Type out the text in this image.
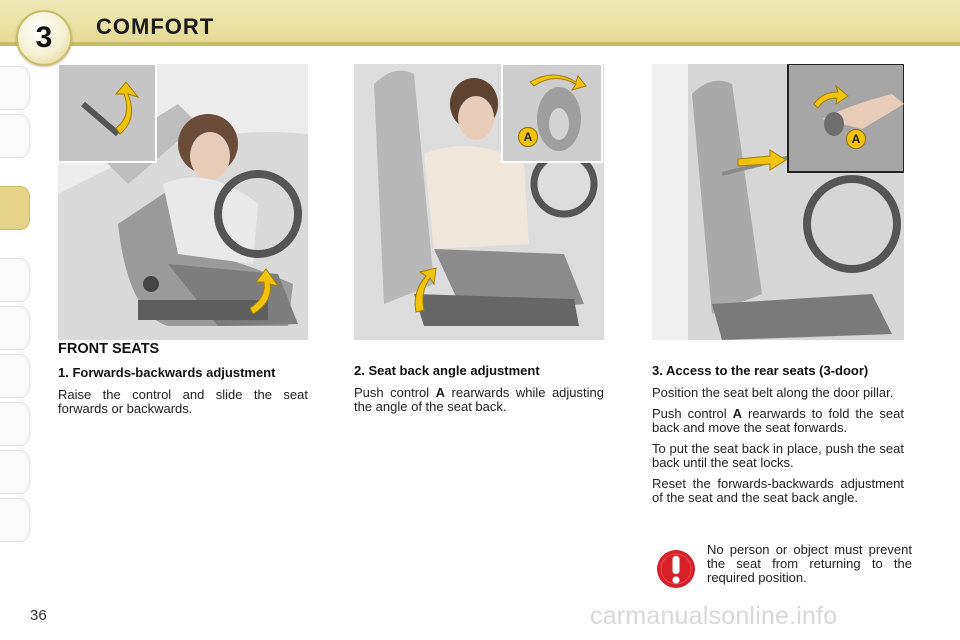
3	COMFORT
A	A
FRONT SEATS
1. Forwards-backwards adjustment
Raise the control and slide the seat forwards or backwards.
2. Seat back angle adjustment
Push control A rearwards while adjusting the angle of the seat back.
3. Access to the rear seats (3-door)
Position the seat belt along the door pillar.
Push control A rearwards to fold the seat back and move the seat forwards.
To put the seat back in place, push the seat back until the seat locks.
Reset the forwards-backwards adjustment of the seat and the seat back angle.
No person or object must prevent the seat from returning to the required position.
36	carmanualsonline.info
